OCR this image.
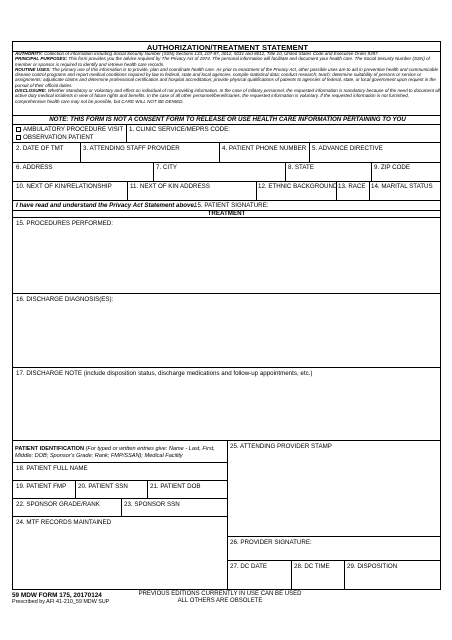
AUTHORIZATION/TREATMENT STATEMENT

AUTHORITY: Collection of information including Social Security Number (SSN) Sections 133, 107-87, 3012, 5031 and 8012, Title 10, United States Code and Executive Order 9397.

PRINCIPAL PURPOSES: This form provides you the advice required by The Privacy Act of 1974. The personal information will facilitate and document your health care. The Social Security Number (SSN) of member or sponsor is required to identify and retrieve health care records.

ROUTINE USES: The primary use of this information is to provide, plan and coordinate health care. As prior to enactment of the Privacy Act, other possible uses are to aid in preventive health and communicable disease control programs and report medical conditions required by law to federal, state and local agencies, compile statistical data; conduct research; teach; determine suitability of persons or service or assignments; adjudicate claims and determine professional certification and hospital accreditation; provide physical qualifications of patients to agencies of federal, state, or local government upon request in the pursuit of their official duties.

DISCLOSURE: Whether Mandatory or Voluntary and effect on individual of not providing information. In the case of military personnel, the requested information is mandatory because of the need to document all active duty medical incidents in view of future rights and benefits. In the case of all other personnel/beneficiaries, the requested information is voluntary. If the requested information is not furnished, comprehensive health care may not be possible, but CARE WILL NOT BE DENIED.

NOTE: THIS FORM IS NOT A CONSENT FORM TO RELEASE OR USE HEALTH CARE INFORMATION PERTAINING TO YOU
AMBULATORY PROCEDURE VISIT
OBSERVATION PATIENT
1. CLINIC SERVICE/MEPRS CODE:
2. DATE OF TMT	3. ATTENDING STAFF PROVIDER	4. PATIENT PHONE NUMBER 5. ADVANCE DIRECTIVE
6. ADDRESS	7. CITY	8. STATE	9. ZIP CODE
10. NEXT OF KIN/RELATIONSHIP	11. NEXT OF KIN ADDRESS	12. ETHNIC BACKGROUND 13. RACE 14. MARITAL STATUS
I have read and understand the Privacy Act Statement above.
15. PATIENT SIGNATURE:
TREATMENT
15. PROCEDURES PERFORMED:
16. DISCHARGE DIAGNOSIS(ES):
17. DISCHARGE NOTE (include disposition status, discharge medications and follow-up appointments, etc.)
PATIENT IDENTIFICATION (For typed or written entries give: Name - Last, First, Middle; DOB; Sponsor's Grade; Rank; FMP/SSAN); Medical Facility
18. PATIENT FULL NAME
19. PATIENT FMP 20. PATIENT SSN	21. PATIENT DOB
22. SPONSOR GRADE/RANK	23. SPONSOR SSN
24. MTF RECORDS MAINTAINED
25. ATTENDING PROVIDER STAMP
26. PROVIDER SIGNATURE:
27. DC DATE	28. DC TIME	29. DISPOSITION
59 MDW FORM 175, 20170124
Prescribed by AFI 41-210_59 MDW SUP
PREVIOUS EDITIONS CURRENTLY IN USE CAN BE USED
ALL OTHERS ARE OBSOLETE
